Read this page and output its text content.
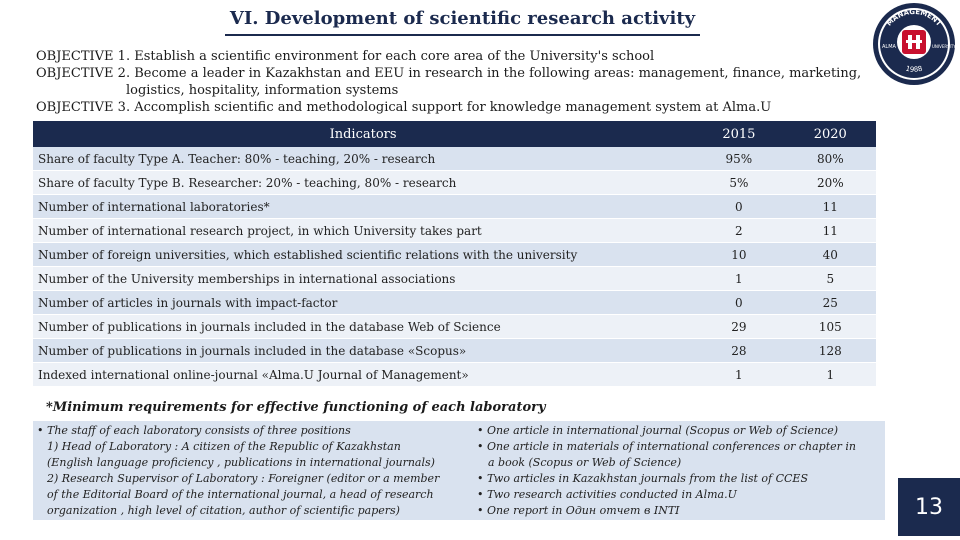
VI. Development of scientific research activity
OBJECTIVE 1. Establish a scientific environment for each core area of the University's school
OBJECTIVE 2. Become a leader in Kazakhstan and EEU in research in the following areas: management, finance, marketing,
logistics, hospitality, information systems
OBJECTIVE 3. Accomplish scientific and methodological support for knowledge management system at Alma.U
MANAGEMENT
ALMA	UNIVERSITY
1988
Indicators	2015	2020
Share of faculty Type A. Teacher: 80% - teaching, 20% - research	95%	80%
Share of faculty Type B. Researcher: 20% - teaching, 80% - research	5%	20%
Number of international laboratories*	0	11
Number of international research project, in which University takes part	2	11
Number of foreign universities, which established scientific relations with the university	10	40
Number of the University memberships in international associations	1	5
Number of articles in journals with impact-factor	0	25
Number of publications in journals included in the database Web of Science	29	105
Number of publications in journals included in the database «Scopus»	28	128
Indexed international online-journal «Alma.U Journal of Management»	1	1
*Minimum requirements for effective functioning of each laboratory
• The staff of each laboratory consists of three positions
1) Head of Laboratory : A citizen of the Republic of Kazakhstan
(English language proficiency , publications in international journals)
2) Research Supervisor of Laboratory : Foreigner (editor or a member
of the Editorial Board of the international journal, a head of research
organization , high level of citation, author of scientific papers)
• One article in international journal (Scopus or Web of Science)
• One article in materials of international conferences or chapter in
a book (Scopus or Web of Science)
• Two articles in Kazakhstan journals from the list of CCES
• Two research activities conducted in Alma.U
• One report in Один отчет в INTI	13
